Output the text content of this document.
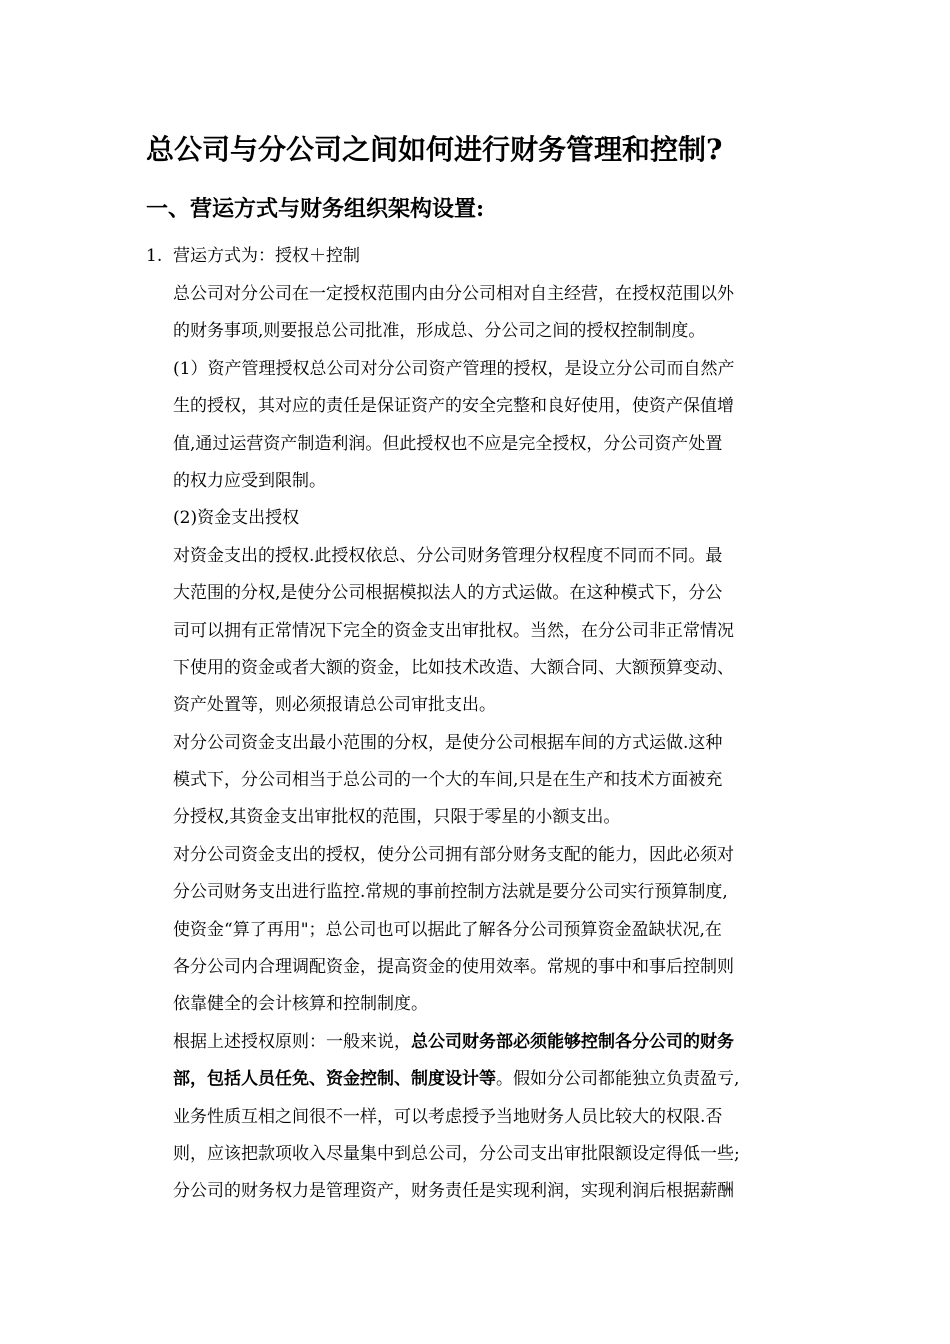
总公司与分公司之间如何进行财务管理和控制?
一、营运方式与财务组织架构设置:
1. 营运方式为：授权＋控制
总公司对分公司在一定授权范围内由分公司相对自主经营，在授权范围以外
的财务事项,则要报总公司批准，形成总、分公司之间的授权控制制度。
(1）资产管理授权总公司对分公司资产管理的授权，是设立分公司而自然产
生的授权，其对应的责任是保证资产的安全完整和良好使用，使资产保值增
值,通过运营资产制造利润。但此授权也不应是完全授权，分公司资产处置
的权力应受到限制。
(2)资金支出授权
对资金支出的授权.此授权依总、分公司财务管理分权程度不同而不同。最
大范围的分权,是使分公司根据模拟法人的方式运做。在这种模式下，分公
司可以拥有正常情况下完全的资金支出审批权。当然，在分公司非正常情况
下使用的资金或者大额的资金，比如技术改造、大额合同、大额预算变动、
资产处置等，则必须报请总公司审批支出。
对分公司资金支出最小范围的分权，是使分公司根据车间的方式运做.这种
模式下，分公司相当于总公司的一个大的车间,只是在生产和技术方面被充
分授权,其资金支出审批权的范围，只限于零星的小额支出。
对分公司资金支出的授权，使分公司拥有部分财务支配的能力，因此必须对
分公司财务支出进行监控.常规的事前控制方法就是要分公司实行预算制度,
使资金“算了再用"；总公司也可以据此了解各分公司预算资金盈缺状况,在
各分公司内合理调配资金，提高资金的使用效率。常规的事中和事后控制则
依靠健全的会计核算和控制制度。
根据上述授权原则：一般来说，总公司财务部必须能够控制各分公司的财务
部，包括人员任免、资金控制、制度设计等。假如分公司都能独立负责盈亏,
业务性质互相之间很不一样，可以考虑授予当地财务人员比较大的权限.否
则，应该把款项收入尽量集中到总公司，分公司支出审批限额设定得低一些;
分公司的财务权力是管理资产，财务责任是实现利润，实现利润后根据薪酬
